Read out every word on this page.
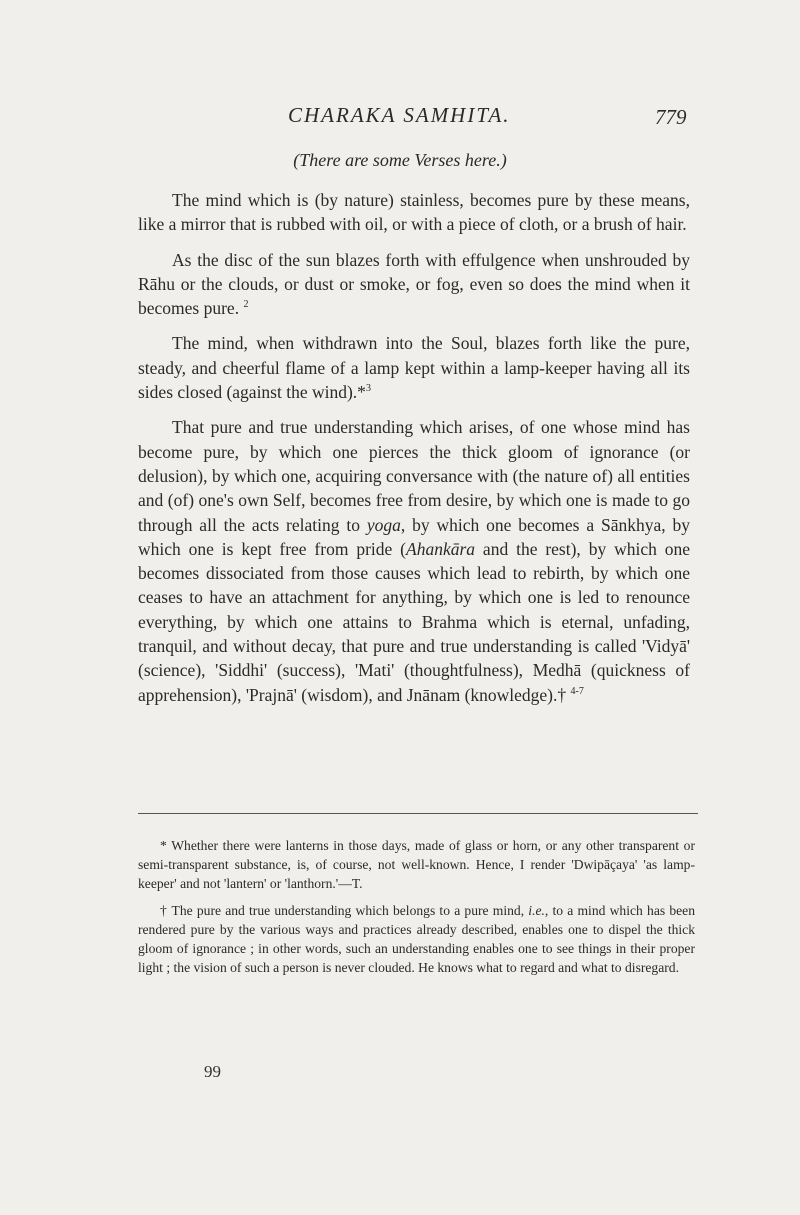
CHARAKA SAMHITA.	779
(There are some Verses here.)

The mind which is (by nature) stainless, becomes pure by these means, like a mirror that is rubbed with oil, or with a piece of cloth, or a brush of hair.

As the disc of the sun blazes forth with effulgence when unshrouded by Rāhu or the clouds, or dust or smoke, or fog, even so does the mind when it becomes pure. $^2$

The mind, when withdrawn into the Soul, blazes forth like the pure, steady, and cheerful flame of a lamp kept within a lamp-keeper having all its sides closed (against the wind).*$^3$

That pure and true understanding which arises, of one whose mind has become pure, by which one pierces the thick gloom of ignorance (or delusion), by which one, acquiring conversance with (the nature of) all entities and (of) one's own Self, becomes free from desire, by which one is made to go through all the acts relating to yoga, by which one becomes a Sānkhya, by which one is kept free from pride (Ahankāra and the rest), by which one becomes dissociated from those causes which lead to rebirth, by which one ceases to have an attachment for anything, by which one is led to renounce everything, by which one attains to Brahma which is eternal, unfading, tranquil, and without decay, that pure and true understanding is called 'Vidyā' (science), 'Siddhi' (success), 'Mati' (thoughtfulness), Medhā (quickness of apprehension), 'Prajnā' (wisdom), and Jnānam (knowledge).† $^{4-7}$

* Whether there were lanterns in those days, made of glass or horn, or any other transparent or semi-transparent substance, is, of course, not well-known. Hence, I render 'Dwipāçaya' 'as lamp-keeper' and not 'lantern' or 'lanthorn.'—T.

† The pure and true understanding which belongs to a pure mind, i.e., to a mind which has been rendered pure by the various ways and practices already described, enables one to dispel the thick gloom of ignorance ; in other words, such an understanding enables one to see things in their proper light ; the vision of such a person is never clouded. He knows what to regard and what to disregard.

99
